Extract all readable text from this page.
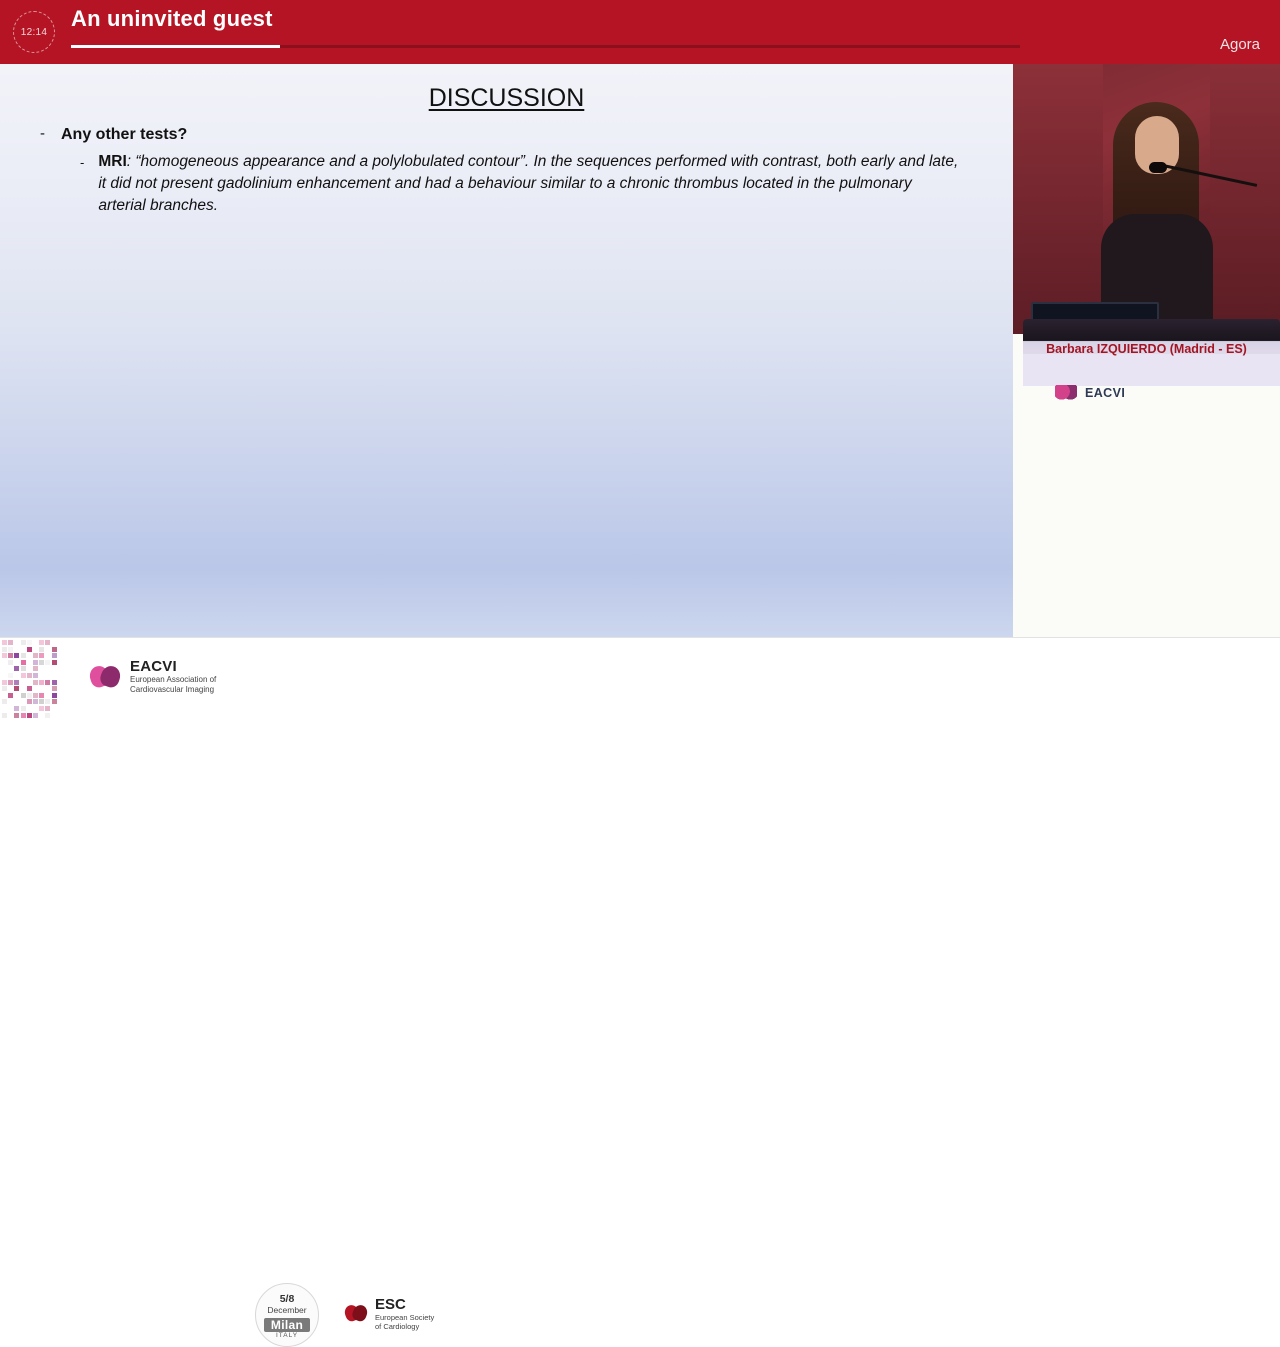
12:14
An uninvited guest
Agora
DISCUSSION
- Any other tests?
- MRI: “homogeneous appearance and a polylobulated contour”. In the sequences performed with contrast, both early and late, it did not present gadolinium enhancement and had a behaviour similar to a chronic thrombus located in the pulmonary arterial branches.
EACVI
Barbara IZQUIERDO (Madrid - ES)
EACVI
European Association of
Cardiovascular Imaging
5/8
December
Milan
ITALY
ESC
European Society
of Cardiology
